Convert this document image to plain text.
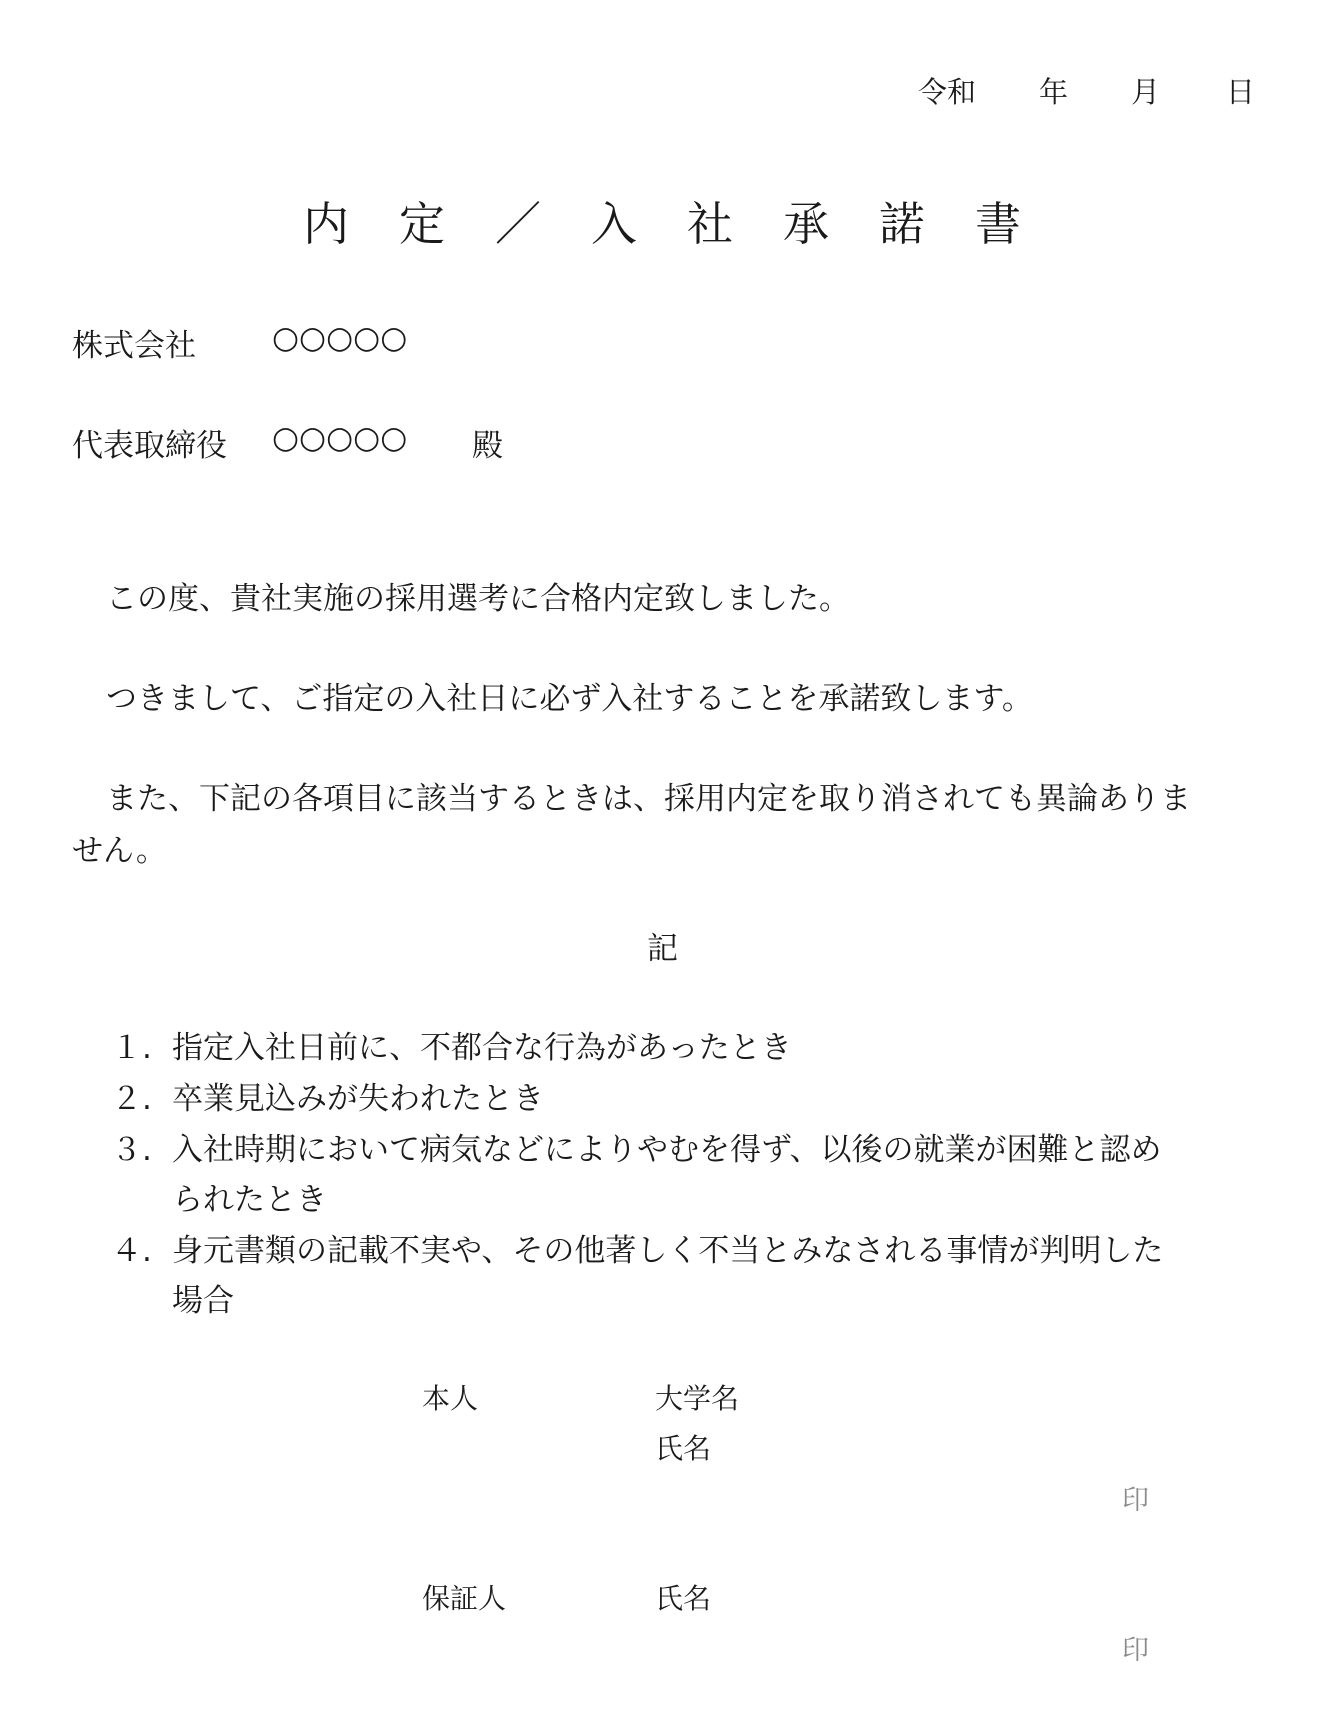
令和 年 月 日
内 定 ／ 入 社 承 諾 書
株式会社 ○○○○○
代表取締役 ○○○○○ 殿
この度、貴社実施の採用選考に合格内定致しました。
つきまして、ご指定の入社日に必ず入社することを承諾致します。
また、下記の各項目に該当するときは、採用内定を取り消されても異論ありま
せん。
記
１. 指定入社日前に、不都合な行為があったとき
２. 卒業見込みが失われたとき
３. 入社時期において病気などによりやむを得ず、以後の就業が困難と認め
られたとき
４. 身元書類の記載不実や、その他著しく不当とみなされる事情が判明した
場合
本人	大学名
氏名
印
保証人	氏名
印
